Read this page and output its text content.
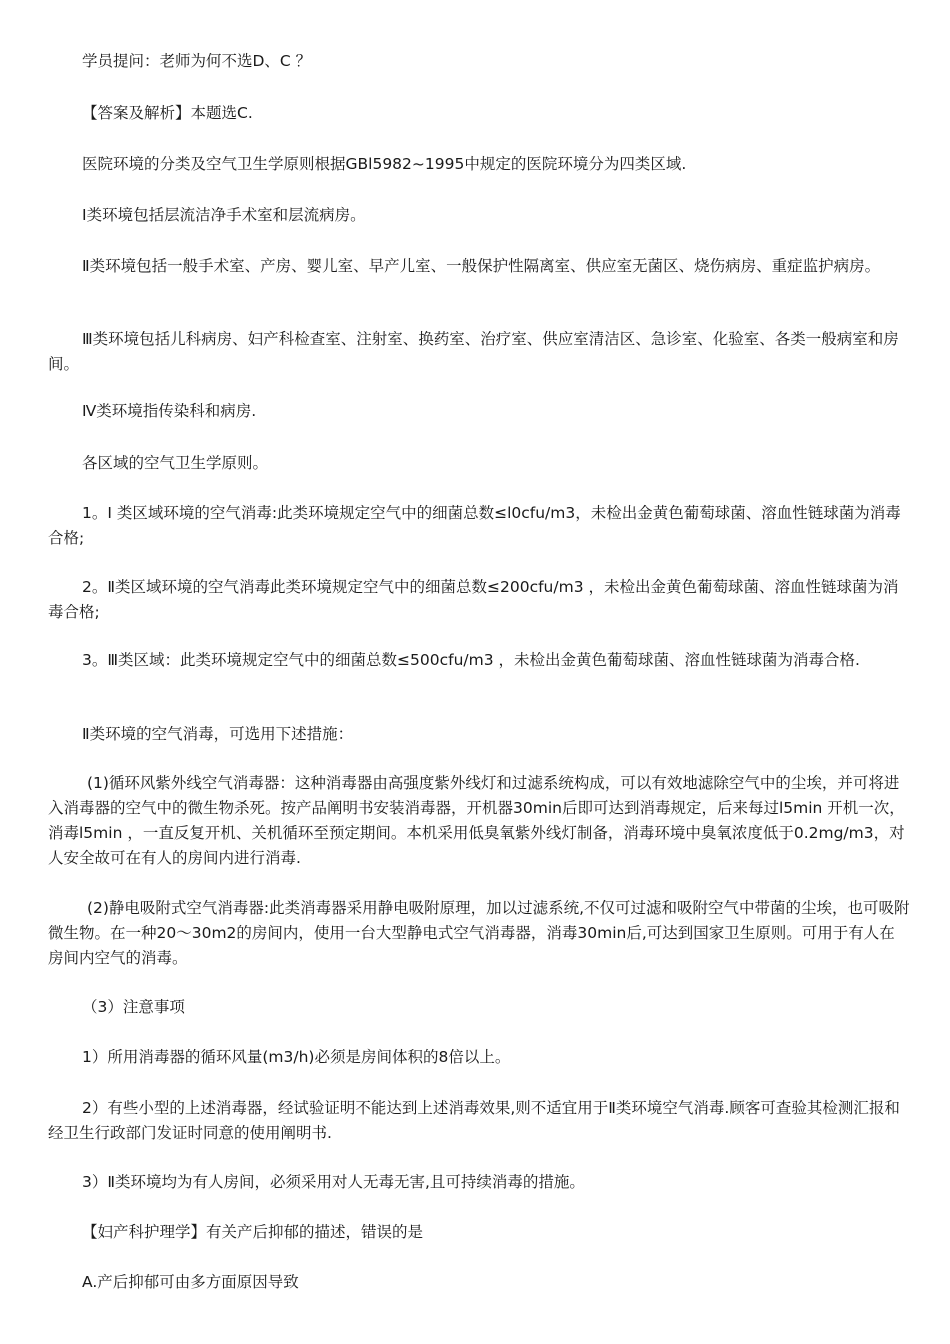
学员提问：老师为何不选D、C ？

【答案及解析】本题选C.

医院环境的分类及空气卫生学原则根据GBl5982~1995中规定的医院环境分为四类区域.

Ⅰ类环境包括层流洁净手术室和层流病房。

Ⅱ类环境包括一般手术室、产房、婴儿室、早产儿室、一般保护性隔离室、供应室无菌区、烧伤病房、重症监护病房。

Ⅲ类环境包括儿科病房、妇产科检查室、注射室、换药室、治疗室、供应室清洁区、急诊室、化验室、各类一般病室和房间。

Ⅳ类环境指传染科和病房.

各区域的空气卫生学原则。

1。Ⅰ 类区域环境的空气消毒:此类环境规定空气中的细菌总数≤l0cfu/m3，未检出金黄色葡萄球菌、溶血性链球菌为消毒合格;

2。Ⅱ类区域环境的空气消毒此类环境规定空气中的细菌总数≤200cfu/m3 ，未检出金黄色葡萄球菌、溶血性链球菌为消毒合格;

3。Ⅲ类区域：此类环境规定空气中的细菌总数≤500cfu/m3 ，未检出金黄色葡萄球菌、溶血性链球菌为消毒合格.

Ⅱ类环境的空气消毒，可选用下述措施：

(1)循环风紫外线空气消毒器：这种消毒器由高强度紫外线灯和过滤系统构成，可以有效地滤除空气中的尘埃，并可将进入消毒器的空气中的微生物杀死。按产品阐明书安装消毒器，开机器30min后即可达到消毒规定，后来每过l5min 开机一次，消毒l5min ，一直反复开机、关机循环至预定期间。本机采用低臭氧紫外线灯制备，消毒环境中臭氧浓度低于0.2mg/m3，对人安全故可在有人的房间内进行消毒.

(2)静电吸附式空气消毒器:此类消毒器采用静电吸附原理，加以过滤系统,不仅可过滤和吸附空气中带菌的尘埃，也可吸附微生物。在一种20～30m2的房间内，使用一台大型静电式空气消毒器，消毒30min后,可达到国家卫生原则。可用于有人在房间内空气的消毒。

（3）注意事项

1）所用消毒器的循环风量(m3/h)必须是房间体积的8倍以上。

2）有些小型的上述消毒器，经试验证明不能达到上述消毒效果,则不适宜用于Ⅱ类环境空气消毒.顾客可查验其检测汇报和经卫生行政部门发证时同意的使用阐明书.

3）Ⅱ类环境均为有人房间，必须采用对人无毒无害,且可持续消毒的措施。

【妇产科护理学】有关产后抑郁的描述，错误的是

A.产后抑郁可由多方面原因导致
